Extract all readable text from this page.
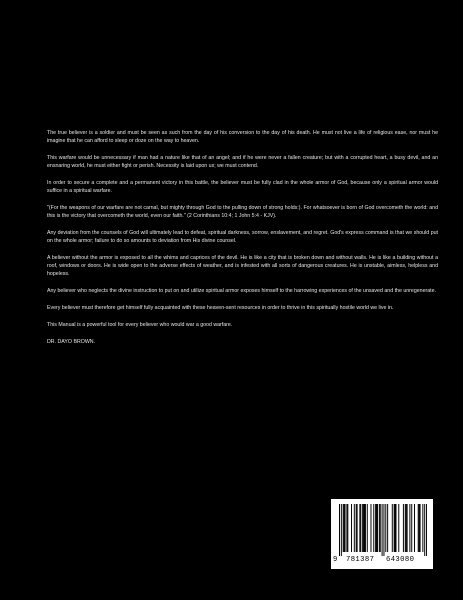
The true believer is a soldier and must be seen as such from the day of his conversion to the day of his death. He must not live a life of religious ease, nor must he imagine that he can afford to sleep or doze on the way to heaven.

This warfare would be unnecessary if man had a nature like that of an angel; and if he were never a fallen creature; but with a corrupted heart, a busy devil, and an ensnaring world, he must either fight or perish. Necessity is laid upon us; we must contend.

In order to secure a complete and a permanent victory in this battle, the believer must be fully clad in the whole armor of God, because only a spiritual armor would suffice in a spiritual warfare.

"(For the weapons of our warfare are not carnal, but mighty through God to the pulling down of strong holds:). For whatsoever is born of God overcometh the world: and this is the victory that overcometh the world, even our faith." (2 Corinthians 10:4; 1 John 5:4 - KJV).

Any deviation from the counsels of God will ultimately lead to defeat, spiritual darkness, sorrow, enslavement, and regret. God's express command is that we should put on the whole armor; failure to do so amounts to deviation from His divine counsel.

A believer without the armor is exposed to all the whims and caprices of the devil. He is like a city that is broken down and without walls. He is like a building without a roof, windows or doors. He is wide open to the adverse effects of weather, and is infested with all sorts of dangerous creatures. He is unstable, aimless, helpless and hopeless.

Any believer who neglects the divine instruction to put on and utilize spiritual armor exposes himself to the harrowing experiences of the unsaved and the unregenerate.

Every believer must therefore get himself fully acquainted with these heaven-sent resources in order to thrive in this spiritually hostile world we live in.

This Manual is a powerful tool for every believer who would war a good warfare.

DR. DAYO BROWN.

9 781387 643080
